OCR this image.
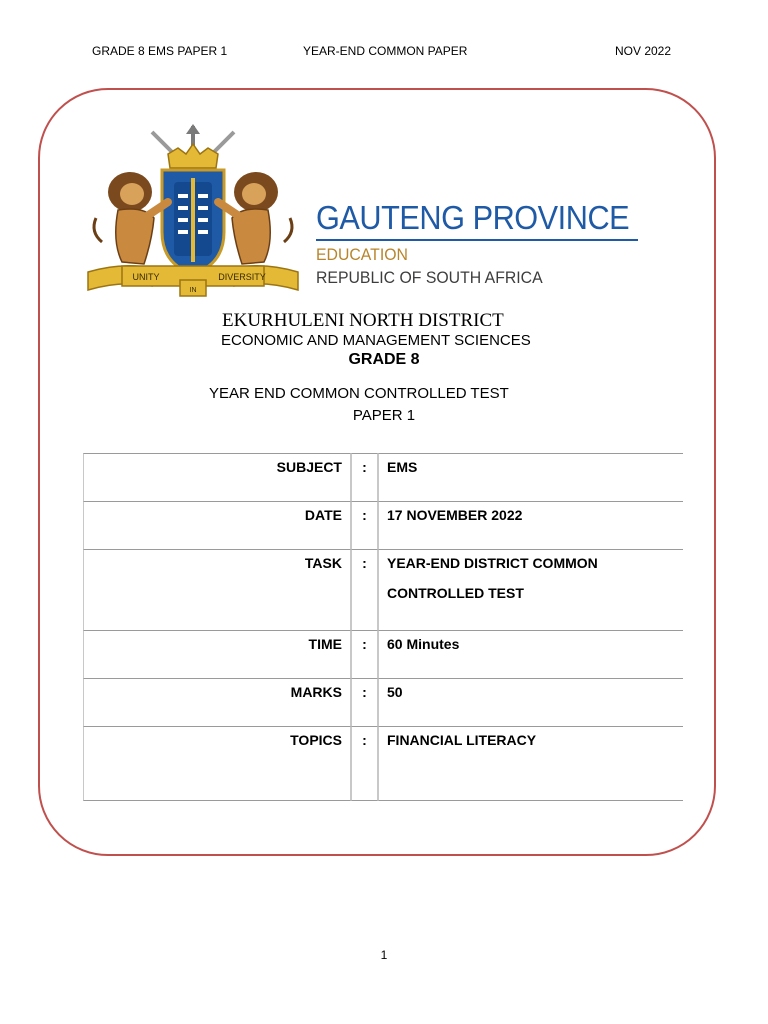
GRADE 8 EMS PAPER 1	YEAR-END COMMON PAPER	NOV 2022
UNITY
IN
DIVERSITY
GAUTENG PROVINCE
EDUCATION
REPUBLIC OF SOUTH AFRICA
EKURHULENI NORTH DISTRICT
ECONOMIC AND MANAGEMENT SCIENCES
GRADE 8
YEAR END COMMON CONTROLLED TEST
PAPER 1
SUBJECT	:	EMS
DATE	:	17 NOVEMBER 2022
TASK	:	YEAR-END DISTRICT COMMON
CONTROLLED TEST

TIME	:	60 Minutes
MARKS	:	50
TOPICS	:	FINANCIAL LITERACY
1
